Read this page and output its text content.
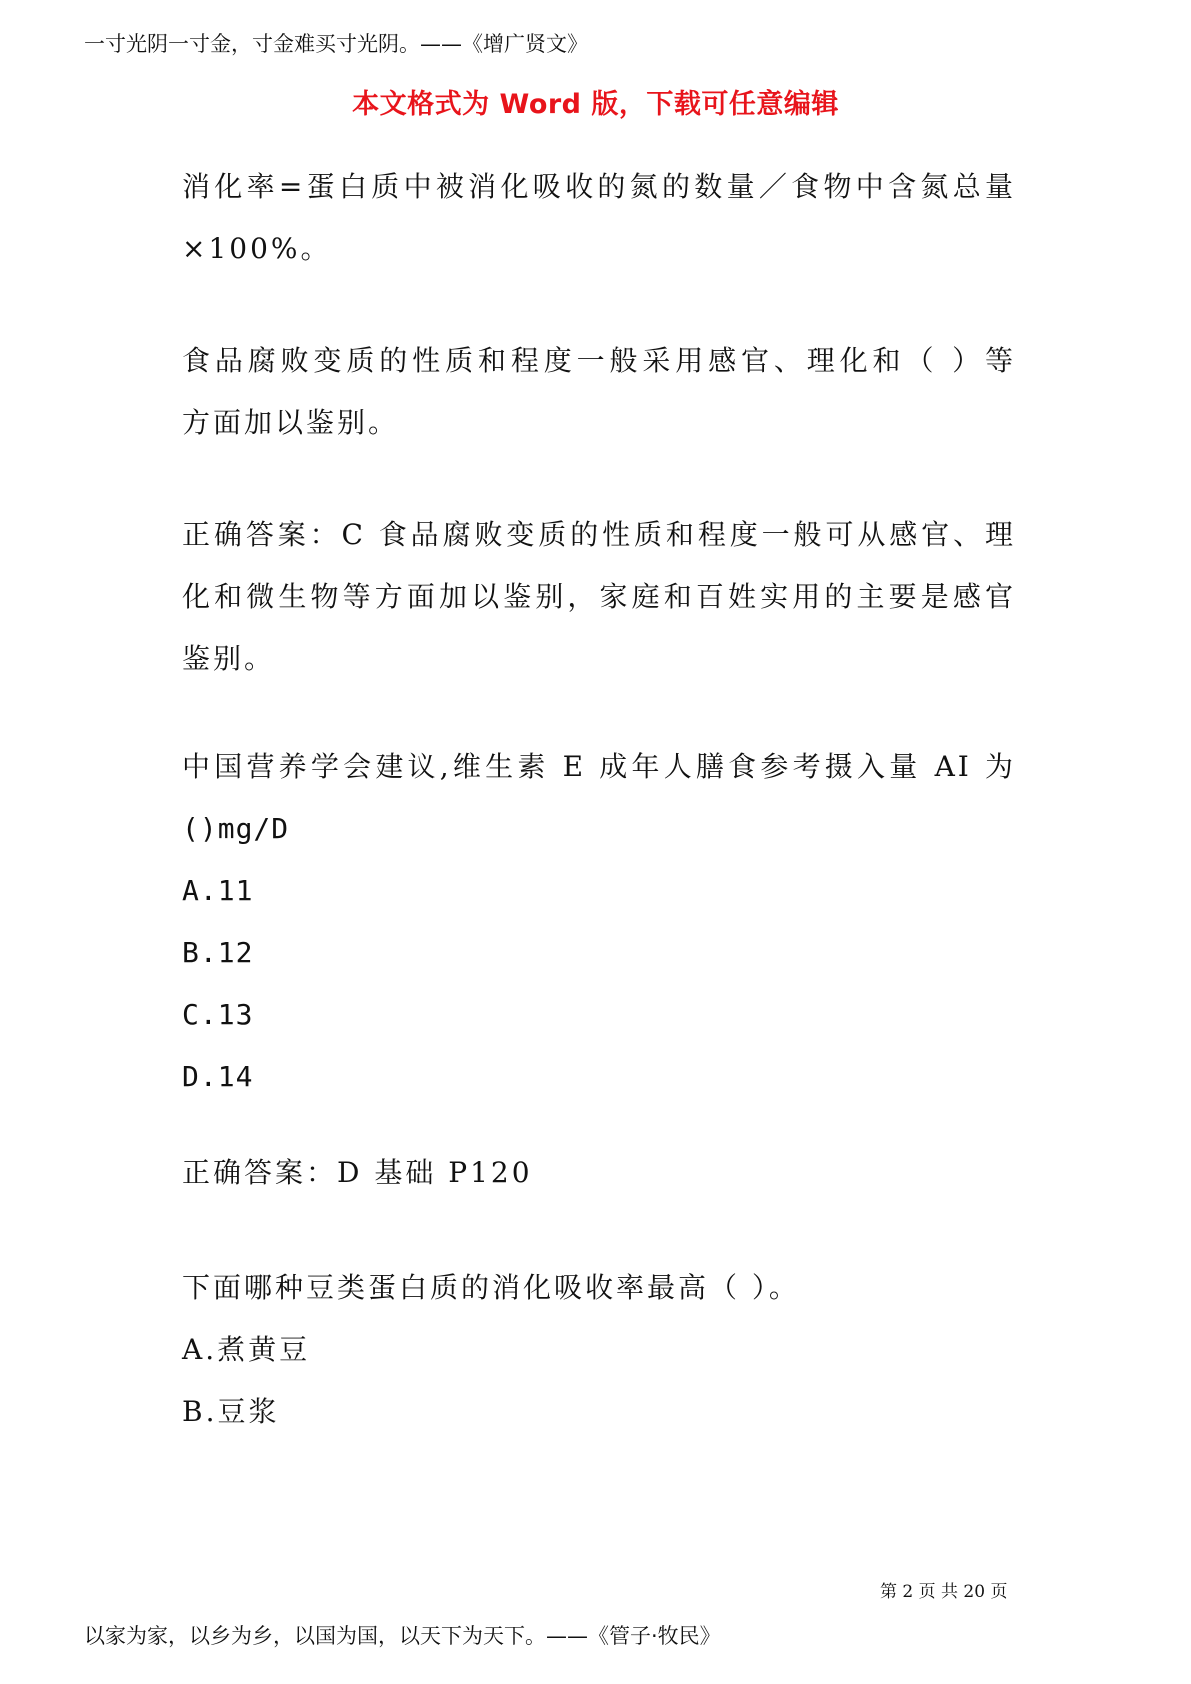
一寸光阴一寸金，寸金难买寸光阴。——《增广贤文》
本文格式为 Word 版，下载可任意编辑
消化率=蛋白质中被消化吸收的氮的数量／食物中含氮总量
×100%。
食品腐败变质的性质和程度一般采用感官、理化和（ ）等
方面加以鉴别。
正确答案：C 食品腐败变质的性质和程度一般可从感官、理
化和微生物等方面加以鉴别，家庭和百姓实用的主要是感官
鉴别。
中国营养学会建议,维生素 E 成年人膳食参考摄入量 AI 为
()mg/D
A.11
B.12
C.13
D.14
正确答案：D 基础 P120
下面哪种豆类蛋白质的消化吸收率最高（ ）。
A.煮黄豆
B.豆浆
第 2 页 共 20 页
以家为家，以乡为乡，以国为国，以天下为天下。——《管子·牧民》
